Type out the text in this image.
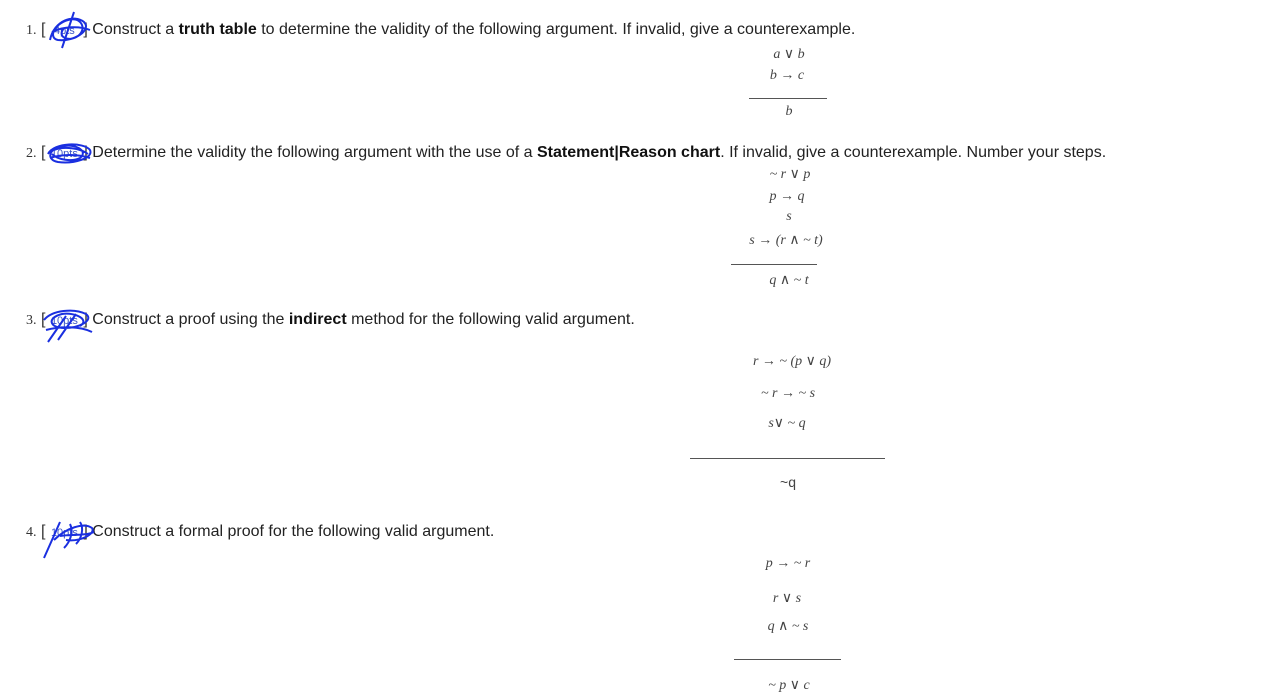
1. [ 4pts ] Construct a truth table to determine the validity of the following argument. If invalid, give a counterexample.
a ∨ b
b → c
b
2. [ 10pts ] Determine the validity the following argument with the use of a Statement|Reason chart. If invalid, give a counterexample. Number your steps.
~ r ∨ p
p → q
s
s → (r ∧ ~ t)
q ∧ ~ t
3. [ 10pts ] Construct a proof using the indirect method for the following valid argument.
r → ~ (p ∨ q)
~ r → ~ s
s∨ ~ q
~q
4. [ 10pts ] Construct a formal proof for the following valid argument.
p → ~ r
r ∨ s
q ∧ ~ s
~ p ∨ c
